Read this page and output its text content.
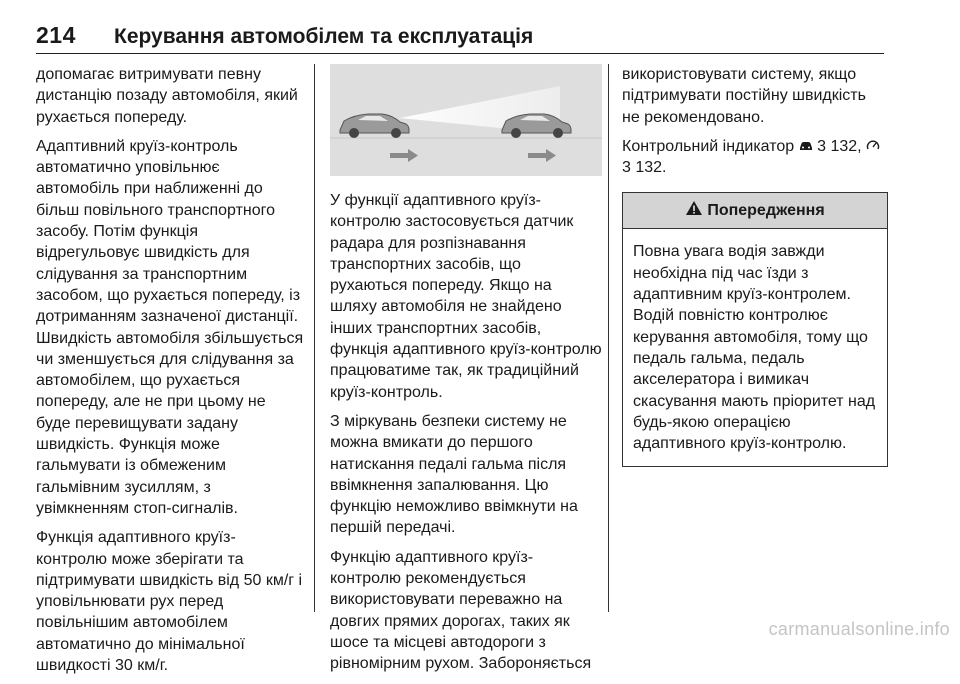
214	Керування автомобілем та експлуатація

допомагає витримувати певну дистанцію позаду автомобіля, який рухається попереду.

Адаптивний круїз-контроль автоматично уповільнює автомобіль при наближенні до більш повільного транспортного засобу. Потім функція відрегульовує швидкість для слідування за транспортним засобом, що рухається попереду, із дотриманням зазначеної дистанції. Швидкість автомобіля збільшується чи зменшується для слідування за автомобілем, що рухається попереду, але не при цьому не буде перевищувати задану швидкість. Функція може гальмувати із обмеженим гальмівним зусиллям, з увімкненням стоп-сигналів.

Функція адаптивного круїз-контролю може зберігати та підтримувати швидкість від 50 км/г і уповільнювати рух перед повільнішим автомобілем автоматично до мінімальної швидкості 30 км/г.

У функції адаптивного круїз-контролю застосовується датчик радара для розпізнавання транспортних засобів, що рухаються попереду. Якщо на шляху автомобіля не знайдено інших транспортних засобів, функція адаптивного круїз-контролю працюватиме так, як традиційний круїз-контроль.

З міркувань безпеки систему не можна вмикати до першого натискання педалі гальма після ввімкнення запалювання. Цю функцію неможливо ввімкнути на першій передачі.

Функцію адаптивного круїз-контролю рекомендується використовувати переважно на довгих прямих дорогах, таких як шосе та місцеві автодороги з рівномірним рухом. Забороняється

використовувати систему, якщо підтримувати постійну швидкість не рекомендовано.

Контрольний індикатор 3 132,
3 132.

Попередження
Повна увага водія завжди необхідна під час їзди з адаптивним круїз-контролем. Водій повністю контролює керування автомобіля, тому що педаль гальма, педаль акселератора і вимикач скасування мають пріоритет над будь-якою операцією адаптивного круїз-контролю.
carmanualsonline.info
